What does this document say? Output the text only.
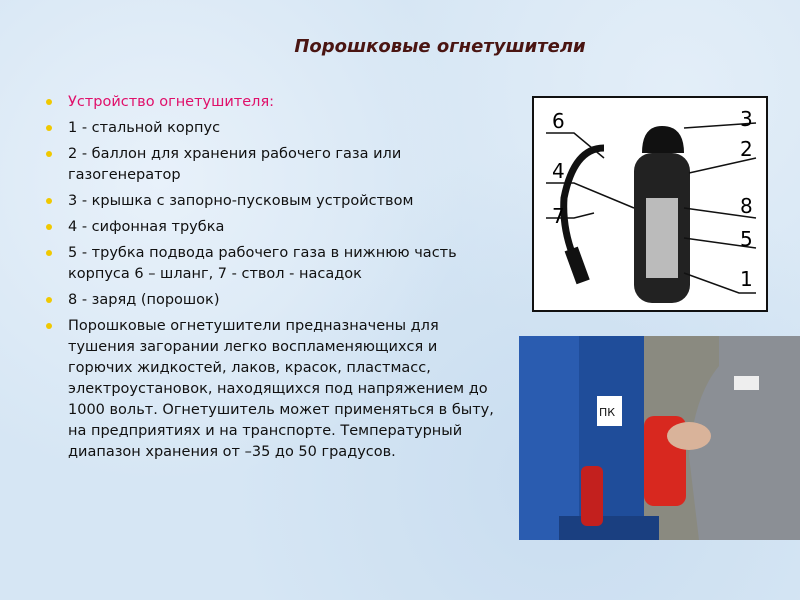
Порошковые огнетушители
Устройство огнетушителя:
1 - стальной корпус
2 - баллон для хранения рабочего газа или газогенератор
3 - крышка с запорно-пусковым устройством
4 - сифонная трубка
5 - трубка подвода рабочего газа в нижнюю часть корпуса 6 – шланг, 7 - ствол - насадок
8 - заряд (порошок)
Порошковые огнетушители предназначены для тушения загорании легко воспламеняющихся и горючих жидкостей, лаков, красок, пластмасс, электроустановок, находящихся под напряжением до 1000 вольт. Огнетушитель может применяться в быту, на предприятиях и на транспорте. Температурный диапазон хранения от –35 до 50 градусов.
6
4
7
3
2
8
5
1
ПК
